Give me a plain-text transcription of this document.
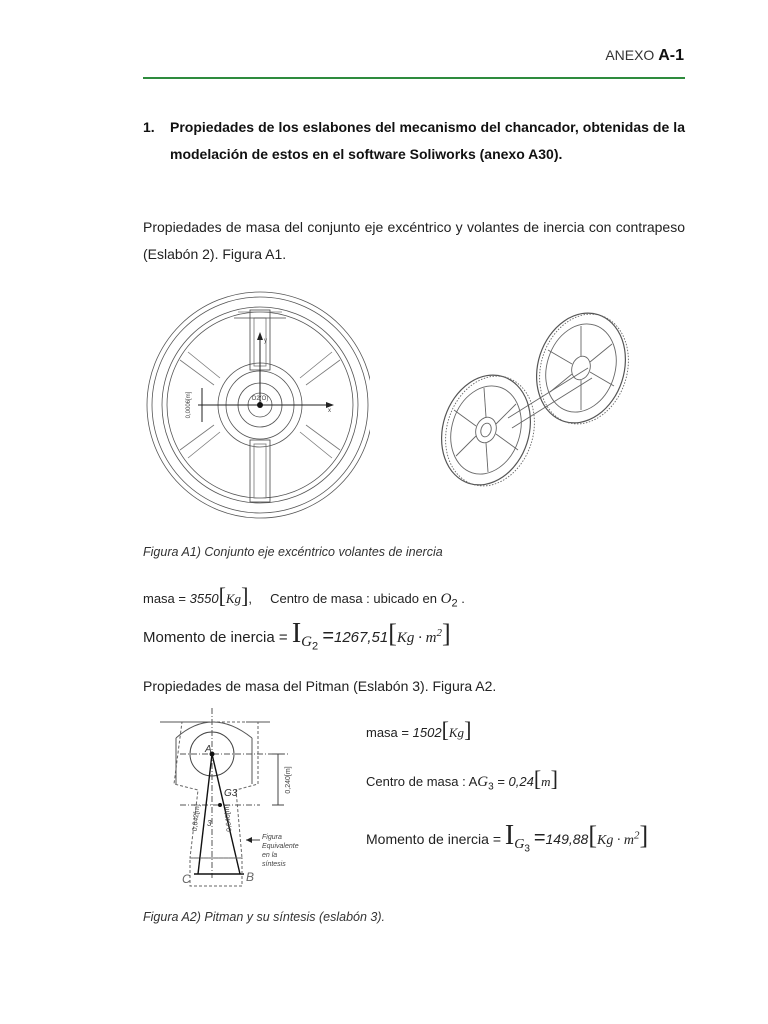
ANEXO A-1
1. Propiedades de los eslabones del mecanismo del chancador, obtenidas de la modelación de estos en el software Soliworks (anexo A30).
Propiedades de masa del conjunto eje excéntrico y volantes de inercia con contrapeso (Eslabón 2). Figura A1.
0,0006[m]	O2(O)
y
x
Figura A1) Conjunto eje excéntrico volantes de inercia
masa = 3550[Kg], Centro de masa : ubicado en $O_2$ .
Momento de inercia = $I_{G_2} =1267,51[Kg \cdot m^2]$
Propiedades de masa del Pitman (Eslabón 3). Figura A2.
A
G3
3
C	B
0,240[m]
0,642[m]	0,640[m]
Figura
Equivalente
en la
síntesis
masa = 1502[Kg]
Centro de masa : $AG_3 = 0,24[m]$
Momento de inercia = $I_{G_3} =149,88[Kg \cdot m^2]$
Figura A2) Pitman y su síntesis (eslabón 3).
